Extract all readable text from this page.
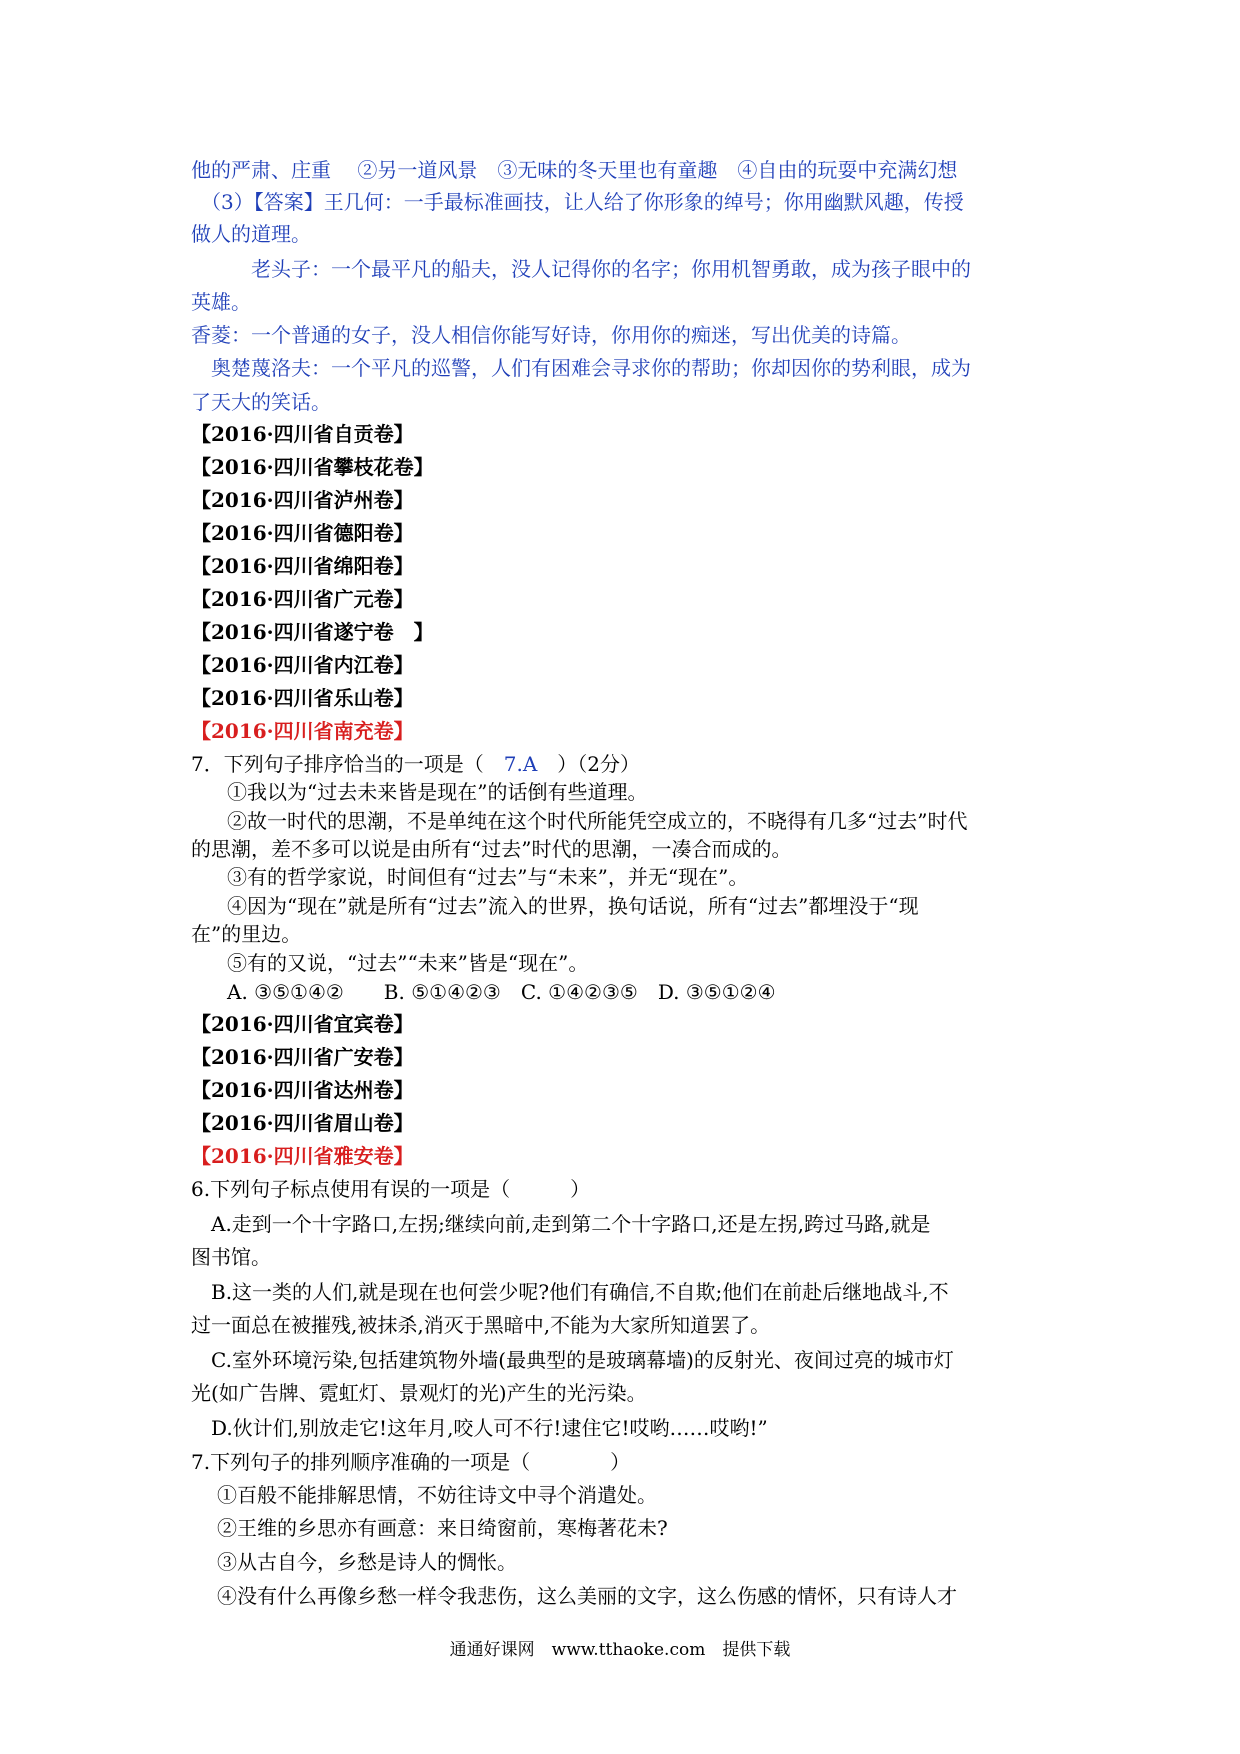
他的严肃、庄重　 ②另一道风景　③无味的冬天里也有童趣　④自由的玩耍中充满幻想
　（3）【答案】王几何：一手最标准画技，让人给了你形象的绰号；你用幽默风趣，传授
做人的道理。
　　　老头子：一个最平凡的船夫，没人记得你的名字；你用机智勇敢，成为孩子眼中的
英雄。
香菱：一个普通的女子，没人相信你能写好诗，你用你的痴迷，写出优美的诗篇。
　奥楚蔑洛夫：一个平凡的巡警，人们有困难会寻求你的帮助；你却因你的势利眼，成为
了天大的笑话。
【2016·四川省自贡卷】
【2016·四川省攀枝花卷】
【2016·四川省泸州卷】
【2016·四川省德阳卷】
【2016·四川省绵阳卷】
【2016·四川省广元卷】
【2016·四川省遂宁卷　】
【2016·四川省内江卷】
【2016·四川省乐山卷】
【2016·四川省南充卷】
7．下列句子排序恰当的一项是（　7.A　）（2分）
①我以为“过去未来皆是现在”的话倒有些道理。
②故一时代的思潮，不是单纯在这个时代所能凭空成立的，不晓得有几多“过去”时代
的思潮，差不多可以说是由所有“过去”时代的思潮，一凑合而成的。
③有的哲学家说，时间但有“过去”与“未来”，并无“现在”。
④因为“现在”就是所有“过去”流入的世界，换句话说，所有“过去”都埋没于“现
在”的里边。
⑤有的又说，“过去”“未来”皆是“现在”。
A. ③⑤①④②　　B. ⑤①④②③　C. ①④②③⑤　D. ③⑤①②④
【2016·四川省宜宾卷】
【2016·四川省广安卷】
【2016·四川省达州卷】
【2016·四川省眉山卷】
【2016·四川省雅安卷】
6.下列句子标点使用有误的一项是（　　　）
　A.走到一个十字路口,左拐;继续向前,走到第二个十字路口,还是左拐,跨过马路,就是
图书馆。
　B.这一类的人们,就是现在也何尝少呢?他们有确信,不自欺;他们在前赴后继地战斗,不
过一面总在被摧残,被抹杀,消灭于黑暗中,不能为大家所知道罢了。
　C.室外环境污染,包括建筑物外墙(最典型的是玻璃幕墙)的反射光、夜间过亮的城市灯
光(如广告牌、霓虹灯、景观灯的光)产生的光污染。
　D.伙计们,别放走它!这年月,咬人可不行!逮住它!哎哟……哎哟!”
7.下列句子的排列顺序准确的一项是（　　　　）
①百般不能排解思情，不妨往诗文中寻个消遣处。
②王维的乡思亦有画意：来日绮窗前，寒梅著花未?
③从古自今，乡愁是诗人的惆怅。
④没有什么再像乡愁一样令我悲伤，这么美丽的文字，这么伤感的情怀，只有诗人才
通通好课网　www.tthaoke.com　提供下载
